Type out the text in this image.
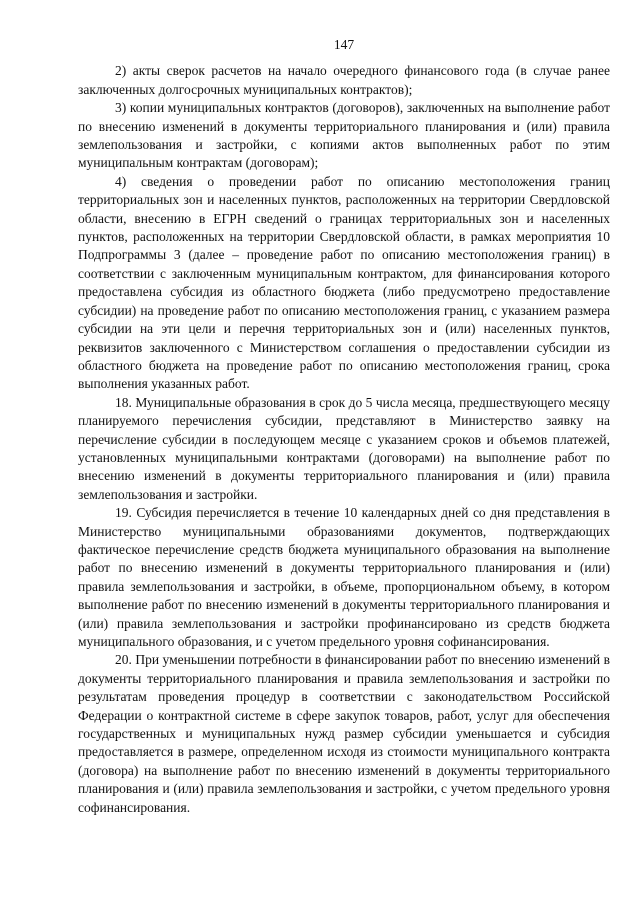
147

2) акты сверок расчетов на начало очередного финансового года (в случае ранее заключенных долгосрочных муниципальных контрактов);

3) копии муниципальных контрактов (договоров), заключенных на выполнение работ по внесению изменений в документы территориального планирования и (или) правила землепользования и застройки, с копиями актов выполненных работ по этим муниципальным контрактам (договорам);

4) сведения о проведении работ по описанию местоположения границ территориальных зон и населенных пунктов, расположенных на территории Свердловской области, внесению в ЕГРН сведений о границах территориальных зон и населенных пунктов, расположенных на территории Свердловской области, в рамках мероприятия 10 Подпрограммы 3 (далее – проведение работ по описанию местоположения границ) в соответствии с заключенным муниципальным контрактом, для финансирования которого предоставлена субсидия из областного бюджета (либо предусмотрено предоставление субсидии) на проведение работ по описанию местоположения границ, с указанием размера субсидии на эти цели и перечня территориальных зон и (или) населенных пунктов, реквизитов заключенного с Министерством соглашения о предоставлении субсидии из областного бюджета на проведение работ по описанию местоположения границ, срока выполнения указанных работ.

18. Муниципальные образования в срок до 5 числа месяца, предшествующего месяцу планируемого перечисления субсидии, представляют в Министерство заявку на перечисление субсидии в последующем месяце с указанием сроков и объемов платежей, установленных муниципальными контрактами (договорами) на выполнение работ по внесению изменений в документы территориального планирования и (или) правила землепользования и застройки.

19. Субсидия перечисляется в течение 10 календарных дней со дня представления в Министерство муниципальными образованиями документов, подтверждающих фактическое перечисление средств бюджета муниципального образования на выполнение работ по внесению изменений в документы территориального планирования и (или) правила землепользования и застройки, в объеме, пропорциональном объему, в котором выполнение работ по внесению изменений в документы территориального планирования и (или) правила землепользования и застройки профинансировано из средств бюджета муниципального образования, и с учетом предельного уровня софинансирования.

20. При уменьшении потребности в финансировании работ по внесению изменений в документы территориального планирования и правила землепользования и застройки по результатам проведения процедур в соответствии с законодательством Российской Федерации о контрактной системе в сфере закупок товаров, работ, услуг для обеспечения государственных и муниципальных нужд размер субсидии уменьшается и субсидия предоставляется в размере, определенном исходя из стоимости муниципального контракта (договора) на выполнение работ по внесению изменений в документы территориального планирования и (или) правила землепользования и застройки, с учетом предельного уровня софинансирования.
